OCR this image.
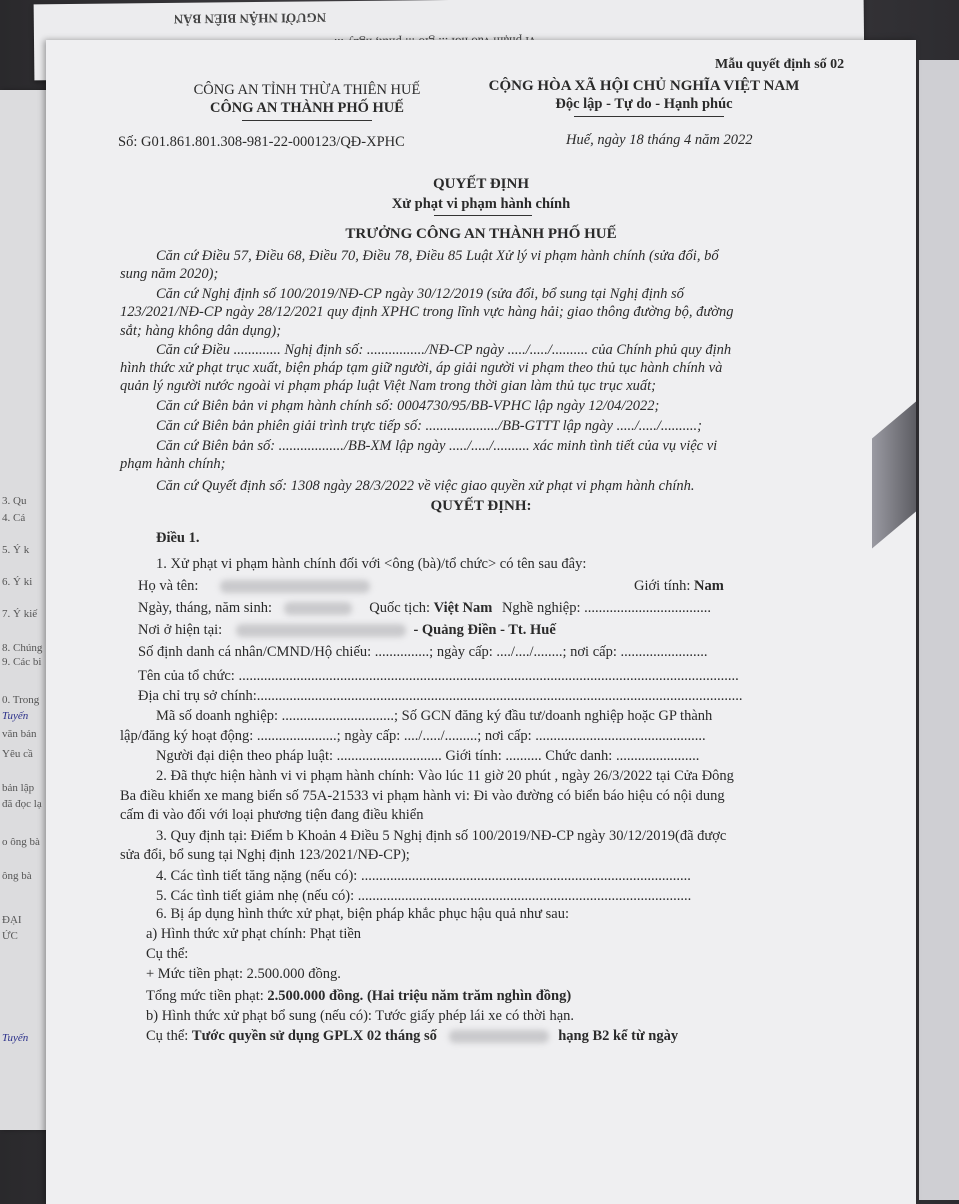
3. Qu
4. Cá
5. Ý k
6. Ý ki
7. Ý kiế
8. Chúng
9. Các bi
0. Trong
văn bản
Yêu cầ
bản lập
đã đọc lạ
o ông bà
ông bà
ĐẠI
ỨC
Tuyến
Tuyến
NGƯỜI NHẬN BIÊN BẢN
Mẫu quyết định số 02
CÔNG AN TỈNH THỪA THIÊN HUẾ
CÔNG AN THÀNH PHỐ HUẾ
CỘNG HÒA XÃ HỘI CHỦ NGHĨA VIỆT NAM
Độc lập - Tự do - Hạnh phúc
Số: G01.861.801.308-981-22-000123/QĐ-XPHC	Huế, ngày 18 tháng 4 năm 2022
QUYẾT ĐỊNH
Xử phạt vi phạm hành chính
TRƯỞNG CÔNG AN THÀNH PHỐ HUẾ
Căn cứ Điều 57, Điều 68, Điều 70, Điều 78, Điều 85 Luật Xử lý vi phạm hành chính (sửa đổi, bổ
sung năm 2020);
Căn cứ Nghị định số 100/2019/NĐ-CP ngày 30/12/2019 (sửa đổi, bổ sung tại Nghị định số
123/2021/NĐ-CP ngày 28/12/2021 quy định XPHC trong lĩnh vực hàng hải; giao thông đường bộ, đường
sắt; hàng không dân dụng);
Căn cứ Điều ............. Nghị định số: ................/NĐ-CP ngày ...../...../.......... của Chính phủ quy định
hình thức xử phạt trục xuất, biện pháp tạm giữ người, áp giải người vi phạm theo thủ tục hành chính và
quản lý người nước ngoài vi phạm pháp luật Việt Nam trong thời gian làm thủ tục trục xuất;
Căn cứ Biên bản vi phạm hành chính số: 0004730/95/BB-VPHC lập ngày 12/04/2022;
Căn cứ Biên bản phiên giải trình trực tiếp số: ..................../BB-GTTT lập ngày ...../...../..........;
Căn cứ Biên bản số: ................../BB-XM lập ngày ...../...../.......... xác minh tình tiết của vụ việc vi
phạm hành chính;
Căn cứ Quyết định số: 1308 ngày 28/3/2022 về việc giao quyền xử phạt vi phạm hành chính.
QUYẾT ĐỊNH:
Điều 1.
1. Xử phạt vi phạm hành chính đối với <ông (bà)/tổ chức> có tên sau đây:
Họ và tên:	Giới tính: Nam
Ngày, tháng, năm sinh:	Quốc tịch: Việt Nam Nghề nghiệp: ...................................
Nơi ở hiện tại:	- Quảng Điền - Tt. Huế
Số định danh cá nhân/CMND/Hộ chiếu: ...............; ngày cấp: ..../..../........; nơi cấp: ........................
Tên của tổ chức: ..........................................................................................................................................
Địa chỉ trụ sở chính:......................................................................................................................................
Mã số doanh nghiệp: ...............................; Số GCN đăng ký đầu tư/doanh nghiệp hoặc GP thành
lập/đăng ký hoạt động: ......................; ngày cấp: ..../...../.........; nơi cấp: ...............................................
Người đại diện theo pháp luật: ............................. Giới tính: .......... Chức danh: .......................
2. Đã thực hiện hành vi vi phạm hành chính: Vào lúc 11 giờ 20 phút , ngày 26/3/2022 tại Cửa Đông
Ba điều khiển xe mang biển số 75A-21533 vi phạm hành vi: Đi vào đường có biển báo hiệu có nội dung
cấm đi vào đối với loại phương tiện đang điều khiển
3. Quy định tại: Điểm b Khoản 4 Điều 5 Nghị định số 100/2019/NĐ-CP ngày 30/12/2019(đã được
sửa đổi, bổ sung tại Nghị định 123/2021/NĐ-CP);
4. Các tình tiết tăng nặng (nếu có): ...........................................................................................
5. Các tình tiết giảm nhẹ (nếu có): ............................................................................................
6. Bị áp dụng hình thức xử phạt, biện pháp khắc phục hậu quả như sau:
a) Hình thức xử phạt chính: Phạt tiền
Cụ thể:
+ Mức tiền phạt: 2.500.000 đồng.
Tổng mức tiền phạt: 2.500.000 đồng. (Hai triệu năm trăm nghìn đồng)
b) Hình thức xử phạt bổ sung (nếu có): Tước giấy phép lái xe có thời hạn.
Cụ thể: Tước quyền sử dụng GPLX 02 tháng số	hạng B2 kể từ ngày
